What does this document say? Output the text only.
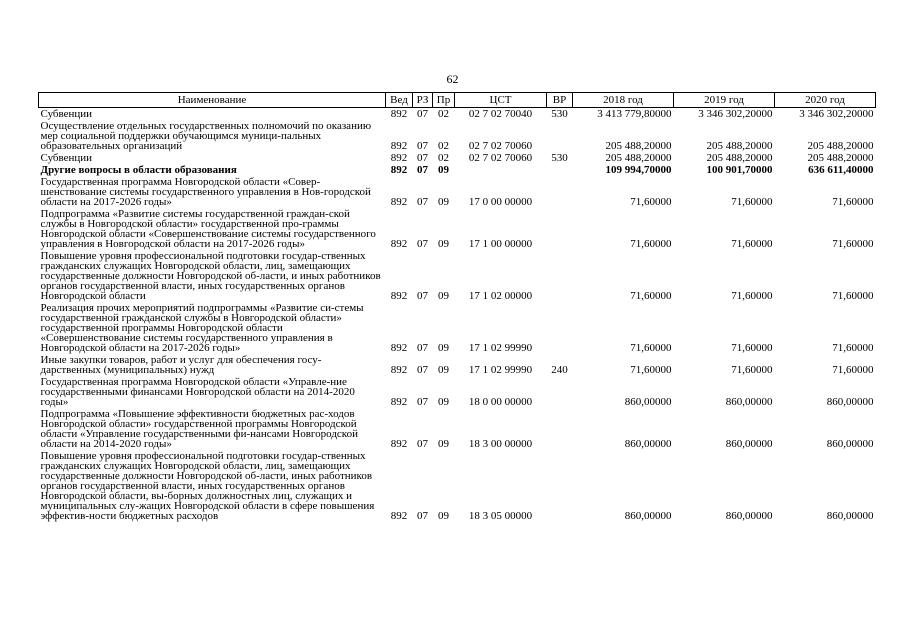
62
Наименование	Вед	РЗ	Пр	ЦСТ	ВР	2018 год	2019 год	2020 год
Субвенции	892	07	02	02 7 02 70040	530	3 413 779,80000	3 346 302,20000	3 346 302,20000
Осуществление отдельных государственных полномочий по оказанию мер социальной поддержки обучающимся муници-пальных образовательных организаций	892	07	02	02 7 02 70060		205 488,20000	205 488,20000	205 488,20000
Субвенции	892	07	02	02 7 02 70060	530	205 488,20000	205 488,20000	205 488,20000
Другие вопросы в области образования	892	07	09			109 994,70000	100 901,70000	636 611,40000
Государственная программа Новгородской области «Совер-шенствование системы государственного управления в Нов-городской области на 2017-2026 годы»	892	07	09	17 0 00 00000		71,60000	71,60000	71,60000
Подпрограмма «Развитие системы государственной граждан-ской службы в Новгородской области» государственной про-граммы Новгородской области «Совершенствование системы государственного управления в Новгородской области на 2017-2026 годы»	892	07	09	17 1 00 00000		71,60000	71,60000	71,60000
Повышение уровня профессиональной подготовки государ-ственных гражданских служащих Новгородской области, лиц, замещающих государственные должности Новгородской об-ласти, и иных работников органов государственной власти, иных государственных органов Новгородской области	892	07	09	17 1 02 00000		71,60000	71,60000	71,60000
Реализация прочих мероприятий подпрограммы «Развитие си-стемы государственной гражданской службы в Новгородской области» государственной программы Новгородской области «Совершенствование системы государственного управления в Новгородской области на 2017-2026 годы»	892	07	09	17 1 02 99990		71,60000	71,60000	71,60000
Иные закупки товаров, работ и услуг для обеспечения госу-дарственных (муниципальных) нужд	892	07	09	17 1 02 99990	240	71,60000	71,60000	71,60000
Государственная программа Новгородской области «Управле-ние государственными финансами Новгородской области на 2014-2020 годы»	892	07	09	18 0 00 00000		860,00000	860,00000	860,00000
Подпрограмма «Повышение эффективности бюджетных рас-ходов Новгородской области» государственной программы Новгородской области «Управление государственными фи-нансами Новгородской области на 2014-2020 годы»	892	07	09	18 3 00 00000		860,00000	860,00000	860,00000
Повышение уровня профессиональной подготовки государ-ственных гражданских служащих Новгородской области, лиц, замещающих государственные должности Новгородской об-ласти, иных работников органов государственной власти, иных государственных органов Новгородской области, вы-борных должностных лиц, служащих и муниципальных слу-жащих Новгородской области в сфере повышения эффектив-ности бюджетных расходов	892	07	09	18 3 05 00000		860,00000	860,00000	860,00000
